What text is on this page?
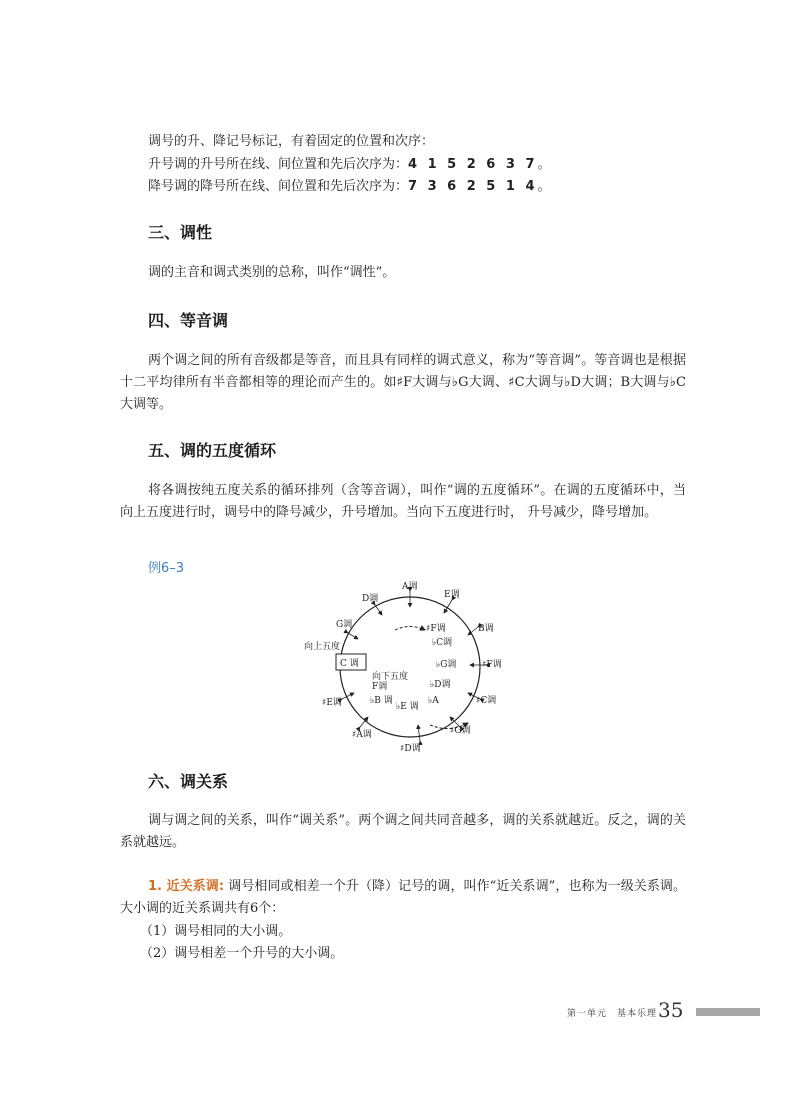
调号的升、降记号标记，有着固定的位置和次序：
升号调的升号所在线、间位置和先后次序为：4 1 5 2 6 3 7。
降号调的降号所在线、间位置和先后次序为：7 3 6 2 5 1 4。
三、调性
调的主音和调式类别的总称，叫作“调性”。
四、等音调

两个调之间的所有音级都是等音，而且具有同样的调式意义，称为“等音调”。等音调也是根据十二平均律所有半音都相等的理论而产生的。如♯F大调与♭G大调、♯C大调与♭D大调；B大调与♭C大调等。

五、调的五度循环

将各调按纯五度关系的循环排列（含等音调），叫作“调的五度循环”。在调的五度循环中，当向上五度进行时，调号中的降号减少，升号增加。当向下五度进行时， 升号减少，降号增加。

例6–3
A调
E调
♯F调	B调
♭C调
♭G调	♯F调
♭D调
♯C调
♭A
♯G调
♯D调
♭E 调
♯A调
♯E调	♭B 调
F调
D调
G调
向上五度
C 调
向下五度
六、调关系

调与调之间的关系，叫作“调关系”。两个调之间共同音越多，调的关系就越近。反之，调的关系就越远。

1. 近关系调: 调号相同或相差一个升（降）记号的调，叫作“近关系调”，也称为一级关系调。大小调的近关系调共有6个：

（1）调号相同的大小调。
（2）调号相差一个升号的大小调。
第一单元　基本乐理 35
